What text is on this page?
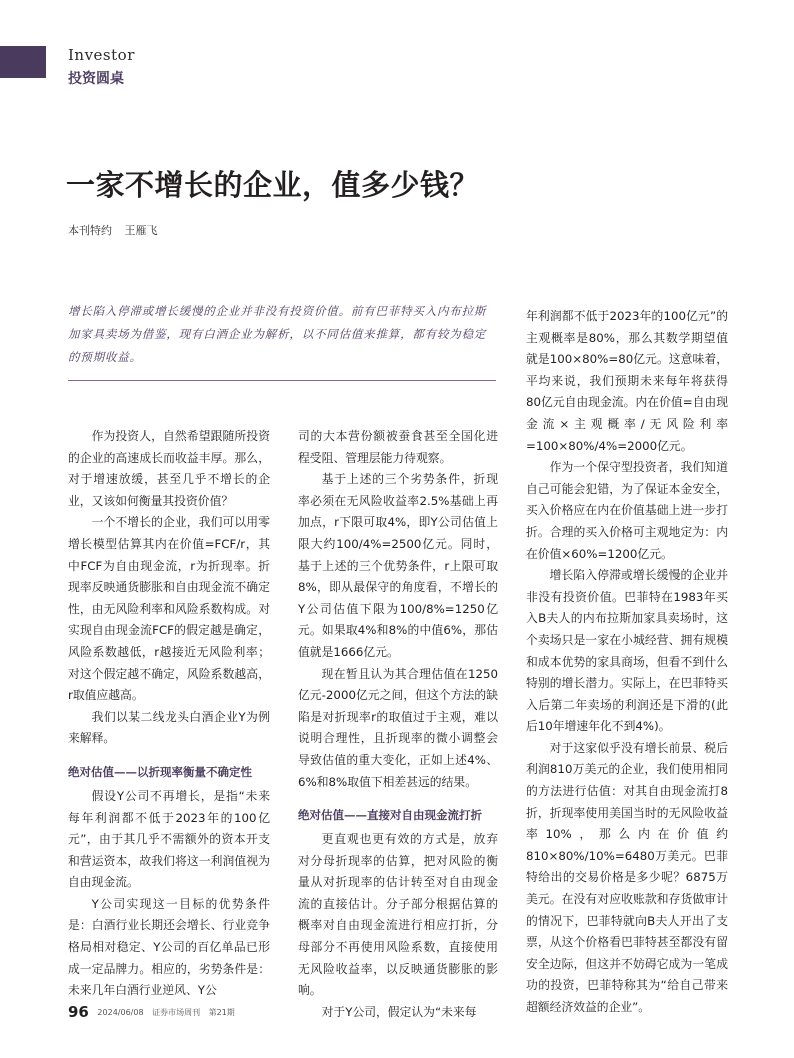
Investor
投资圆桌
一家不增长的企业，值多少钱？
本刊特约 王雁飞

增长陷入停滞或增长缓慢的企业并非没有投资价值。前有巴菲特买入内布拉斯加家具卖场为借鉴，现有白酒企业为解析，以不同估值来推算，都有较为稳定的预期收益。

作为投资人，自然希望跟随所投资的企业的高速成长而收益丰厚。那么，对于增速放缓，甚至几乎不增长的企业，又该如何衡量其投资价值？

一个不增长的企业，我们可以用零增长模型估算其内在价值=FCF/r，其中FCF为自由现金流，r为折现率。折现率反映通货膨胀和自由现金流不确定性，由无风险利率和风险系数构成。对实现自由现金流FCF的假定越是确定，风险系数越低，r越接近无风险利率；对这个假定越不确定，风险系数越高，r取值应越高。

我们以某二线龙头白酒企业Y为例来解释。

绝对估值——以折现率衡量不确定性

假设Y公司不再增长，是指“未来每年利润都不低于2023年的100亿元”，由于其几乎不需额外的资本开支和营运资本，故我们将这一利润值视为自由现金流。

Y公司实现这一目标的优势条件是：白酒行业长期还会增长、行业竞争格局相对稳定、Y公司的百亿单品已形成一定品牌力。相应的，劣势条件是：未来几年白酒行业逆风、Y公

司的大本营份额被蚕食甚至全国化进程受阻、管理层能力待观察。

基于上述的三个劣势条件，折现率必须在无风险收益率2.5%基础上再加点，r下限可取4%，即Y公司估值上限大约100/4%=2500亿元。同时，基于上述的三个优势条件，r上限可取8%，即从最保守的角度看，不增长的Y公司估值下限为100/8%=1250亿元。如果取4%和8%的中值6%，那估值就是1666亿元。

现在暂且认为其合理估值在1250亿元-2000亿元之间，但这个方法的缺陷是对折现率r的取值过于主观，难以说明合理性，且折现率的微小调整会导致估值的重大变化，正如上述4%、6%和8%取值下相差甚远的结果。

绝对估值——直接对自由现金流打折

更直观也更有效的方式是，放弃对分母折现率的估算，把对风险的衡量从对折现率的估计转至对自由现金流的直接估计。分子部分根据估算的概率对自由现金流进行相应打折，分母部分不再使用风险系数，直接使用无风险收益率，以反映通货膨胀的影响。

对于Y公司，假定认为“未来每

年利润都不低于2023年的100亿元”的主观概率是80%，那么其数学期望值就是100×80%=80亿元。这意味着，平均来说，我们预期未来每年将获得80亿元自由现金流。内在价值=自由现金流×主观概率/无风险利率=100×80%/4%=2000亿元。

作为一个保守型投资者，我们知道自己可能会犯错，为了保证本金安全，买入价格应在内在价值基础上进一步打折。合理的买入价格可主观地定为：内在价值×60%=1200亿元。

增长陷入停滞或增长缓慢的企业并非没有投资价值。巴菲特在1983年买入B夫人的内布拉斯加家具卖场时，这个卖场只是一家在小城经营、拥有规模和成本优势的家具商场，但看不到什么特别的增长潜力。实际上，在巴菲特买入后第二年卖场的利润还是下滑的(此后10年增速年化不到4%)。

对于这家似乎没有增长前景、税后利润810万美元的企业，我们使用相同的方法进行估值：对其自由现金流打8折，折现率使用美国当时的无风险收益率10%，那么内在价值约810×80%/10%=6480万美元。巴菲特给出的交易价格是多少呢？6875万美元。在没有对应收账款和存货做审计的情况下，巴菲特就向B夫人开出了支票，从这个价格看巴菲特甚至都没有留安全边际，但这并不妨碍它成为一笔成功的投资，巴菲特称其为“给自己带来超额经济效益的企业”。

96 2024/06/08 证券市场周刊 第21期
